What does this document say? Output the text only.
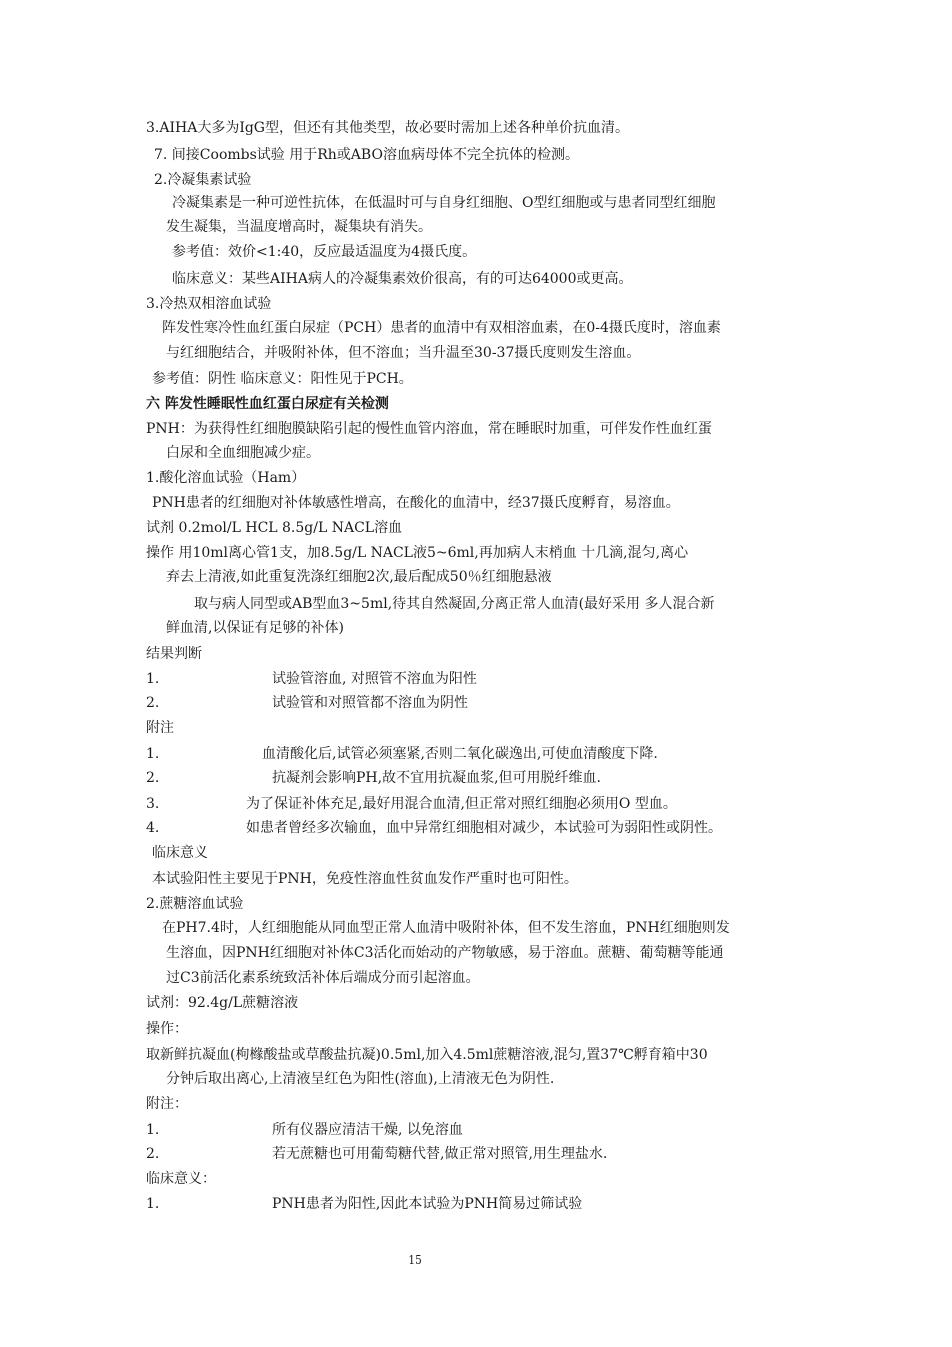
3.AIHA大多为IgG型，但还有其他类型，故必要时需加上述各种单价抗血清。
7. 间接Coombs试验 用于Rh或ABO溶血病母体不完全抗体的检测。
2.冷凝集素试验
冷凝集素是一种可逆性抗体，在低温时可与自身红细胞、O型红细胞或与患者同型红细胞
发生凝集，当温度增高时，凝集块有消失。
参考值：效价<1:40，反应最适温度为4摄氏度。
临床意义：某些AIHA病人的冷凝集素效价很高，有的可达64000或更高。
3.冷热双相溶血试验
阵发性寒冷性血红蛋白尿症（PCH）患者的血清中有双相溶血素，在0-4摄氏度时，溶血素
与红细胞结合，并吸附补体，但不溶血；当升温至30-37摄氏度则发生溶血。
参考值：阴性 临床意义：阳性见于PCH。
六 阵发性睡眠性血红蛋白尿症有关检测
PNH：为获得性红细胞膜缺陷引起的慢性血管内溶血，常在睡眠时加重，可伴发作性血红蛋
白尿和全血细胞减少症。
1.酸化溶血试验（Ham）
PNH患者的红细胞对补体敏感性增高，在酸化的血清中，经37摄氏度孵育，易溶血。
试剂 0.2mol/L HCL 8.5g/L NACL溶血
操作 用10ml离心管1支，加8.5g/L NACL液5~6ml,再加病人末梢血 十几滴,混匀,离心
弃去上清液,如此重复洗涤红细胞2次,最后配成50％红细胞悬液
取与病人同型或AB型血3~5ml,待其自然凝固,分离正常人血清(最好采用 多人混合新
鲜血清,以保证有足够的补体)
结果判断
1.	试验管溶血, 对照管不溶血为阳性
2.	试验管和对照管都不溶血为阴性
附注
1.	血清酸化后,试管必须塞紧,否则二氧化碳逸出,可使血清酸度下降.
2.	抗凝剂会影响PH,故不宜用抗凝血浆,但可用脱纤维血.
3.	为了保证补体充足,最好用混合血清,但正常对照红细胞必须用O 型血。
4.	如患者曾经多次输血，血中异常红细胞相对减少，本试验可为弱阳性或阴性。
临床意义
本试验阳性主要见于PNH，免疫性溶血性贫血发作严重时也可阳性。
2.蔗糖溶血试验
在PH7.4时，人红细胞能从同血型正常人血清中吸附补体，但不发生溶血，PNH红细胞则发
生溶血，因PNH红细胞对补体C3活化而始动的产物敏感，易于溶血。蔗糖、葡萄糖等能通
过C3前活化素系统致活补体后端成分而引起溶血。
试剂：92.4g/L蔗糖溶液
操作：
取新鲜抗凝血(枸橼酸盐或草酸盐抗凝)0.5ml,加入4.5ml蔗糖溶液,混匀,置37℃孵育箱中30
分钟后取出离心,上清液呈红色为阳性(溶血),上清液无色为阴性.
附注：
1.	所有仪器应清洁干燥, 以免溶血
2.	若无蔗糖也可用葡萄糖代替,做正常对照管,用生理盐水.
临床意义：
1.	PNH患者为阳性,因此本试验为PNH简易过筛试验
15
